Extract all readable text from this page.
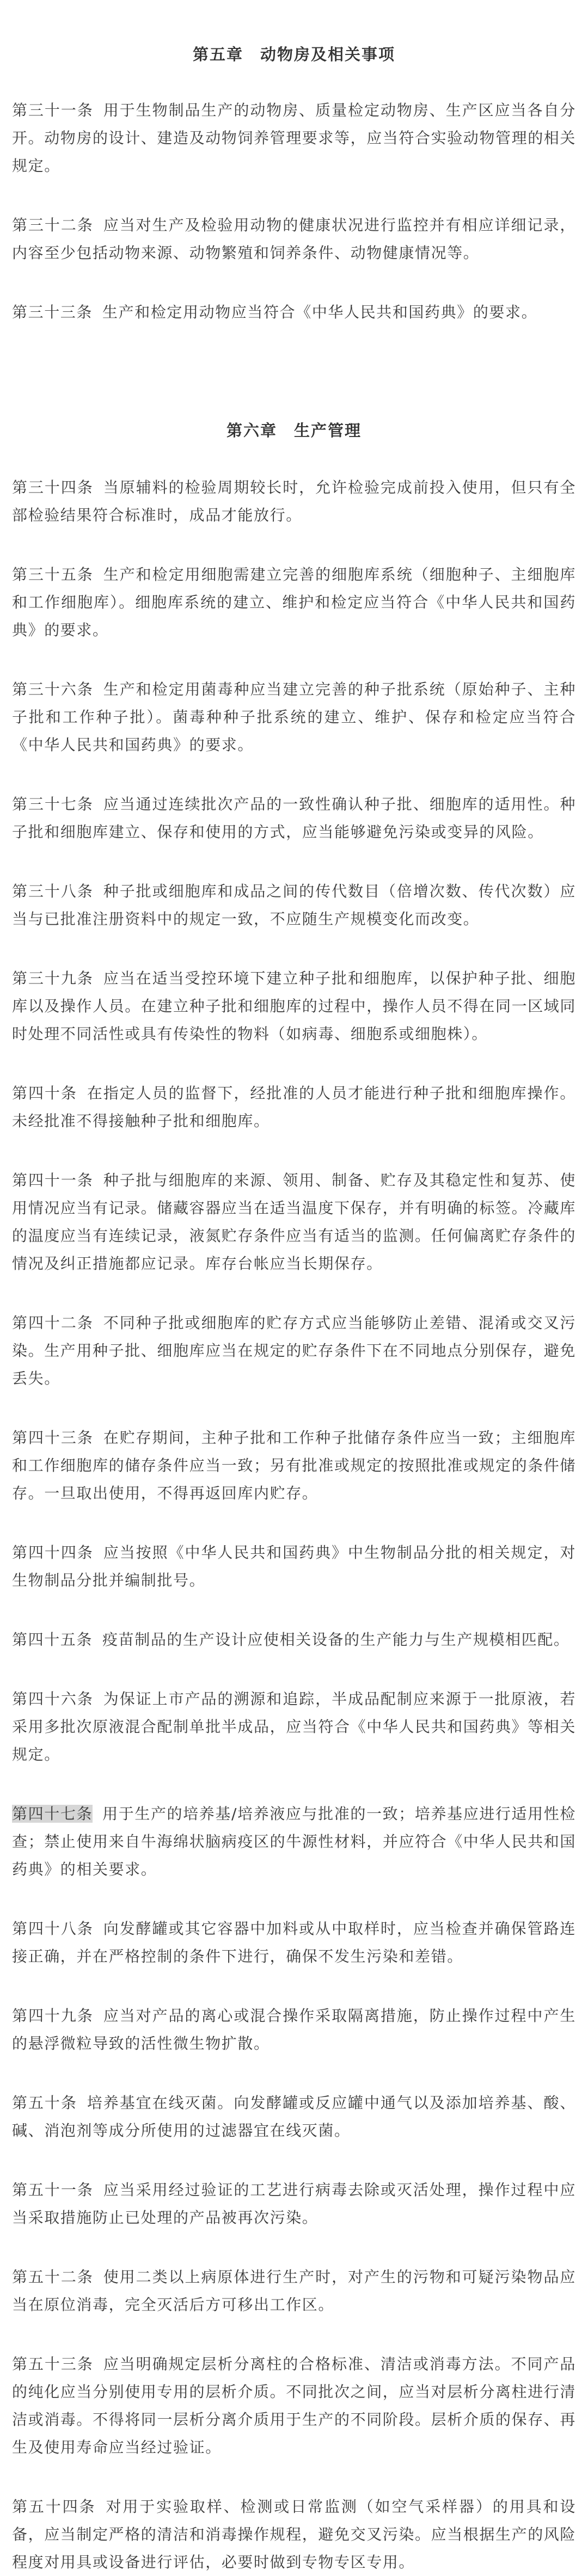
第五章　动物房及相关事项

第三十一条 用于生物制品生产的动物房、质量检定动物房、生产区应当各自分开。动物房的设计、建造及动物饲养管理要求等，应当符合实验动物管理的相关规定。

第三十二条 应当对生产及检验用动物的健康状况进行监控并有相应详细记录，内容至少包括动物来源、动物繁殖和饲养条件、动物健康情况等。

第三十三条 生产和检定用动物应当符合《中华人民共和国药典》的要求。

第六章　生产管理

第三十四条 当原辅料的检验周期较长时，允许检验完成前投入使用，但只有全部检验结果符合标准时，成品才能放行。

第三十五条 生产和检定用细胞需建立完善的细胞库系统（细胞种子、主细胞库和工作细胞库）。细胞库系统的建立、维护和检定应当符合《中华人民共和国药典》的要求。

第三十六条 生产和检定用菌毒种应当建立完善的种子批系统（原始种子、主种子批和工作种子批）。菌毒种种子批系统的建立、维护、保存和检定应当符合《中华人民共和国药典》的要求。

第三十七条 应当通过连续批次产品的一致性确认种子批、细胞库的适用性。种子批和细胞库建立、保存和使用的方式，应当能够避免污染或变异的风险。

第三十八条 种子批或细胞库和成品之间的传代数目（倍增次数、传代次数）应当与已批准注册资料中的规定一致，不应随生产规模变化而改变。

第三十九条 应当在适当受控环境下建立种子批和细胞库，以保护种子批、细胞库以及操作人员。在建立种子批和细胞库的过程中，操作人员不得在同一区域同时处理不同活性或具有传染性的物料（如病毒、细胞系或细胞株）。

第四十条 在指定人员的监督下，经批准的人员才能进行种子批和细胞库操作。未经批准不得接触种子批和细胞库。

第四十一条 种子批与细胞库的来源、领用、制备、贮存及其稳定性和复苏、使用情况应当有记录。储藏容器应当在适当温度下保存，并有明确的标签。冷藏库的温度应当有连续记录，液氮贮存条件应当有适当的监测。任何偏离贮存条件的情况及纠正措施都应记录。库存台帐应当长期保存。

第四十二条 不同种子批或细胞库的贮存方式应当能够防止差错、混淆或交叉污染。生产用种子批、细胞库应当在规定的贮存条件下在不同地点分别保存，避免丢失。

第四十三条 在贮存期间，主种子批和工作种子批储存条件应当一致；主细胞库和工作细胞库的储存条件应当一致；另有批准或规定的按照批准或规定的条件储存。一旦取出使用，不得再返回库内贮存。

第四十四条 应当按照《中华人民共和国药典》中生物制品分批的相关规定，对生物制品分批并编制批号。

第四十五条 疫苗制品的生产设计应使相关设备的生产能力与生产规模相匹配。

第四十六条 为保证上市产品的溯源和追踪，半成品配制应来源于一批原液，若采用多批次原液混合配制单批半成品，应当符合《中华人民共和国药典》等相关规定。

第四十七条 用于生产的培养基/培养液应与批准的一致；培养基应进行适用性检查；禁止使用来自牛海绵状脑病疫区的牛源性材料，并应符合《中华人民共和国药典》的相关要求。

第四十八条 向发酵罐或其它容器中加料或从中取样时，应当检查并确保管路连接正确，并在严格控制的条件下进行，确保不发生污染和差错。

第四十九条 应当对产品的离心或混合操作采取隔离措施，防止操作过程中产生的悬浮微粒导致的活性微生物扩散。

第五十条 培养基宜在线灭菌。向发酵罐或反应罐中通气以及添加培养基、酸、碱、消泡剂等成分所使用的过滤器宜在线灭菌。

第五十一条 应当采用经过验证的工艺进行病毒去除或灭活处理，操作过程中应当采取措施防止已处理的产品被再次污染。

第五十二条 使用二类以上病原体进行生产时，对产生的污物和可疑污染物品应当在原位消毒，完全灭活后方可移出工作区。

第五十三条 应当明确规定层析分离柱的合格标准、清洁或消毒方法。不同产品的纯化应当分别使用专用的层析介质。不同批次之间，应当对层析分离柱进行清洁或消毒。不得将同一层析分离介质用于生产的不同阶段。层析介质的保存、再生及使用寿命应当经过验证。

第五十四条 对用于实验取样、检测或日常监测（如空气采样器）的用具和设备，应当制定严格的清洁和消毒操作规程，避免交叉污染。应当根据生产的风险程度对用具或设备进行评估，必要时做到专物专区专用。
